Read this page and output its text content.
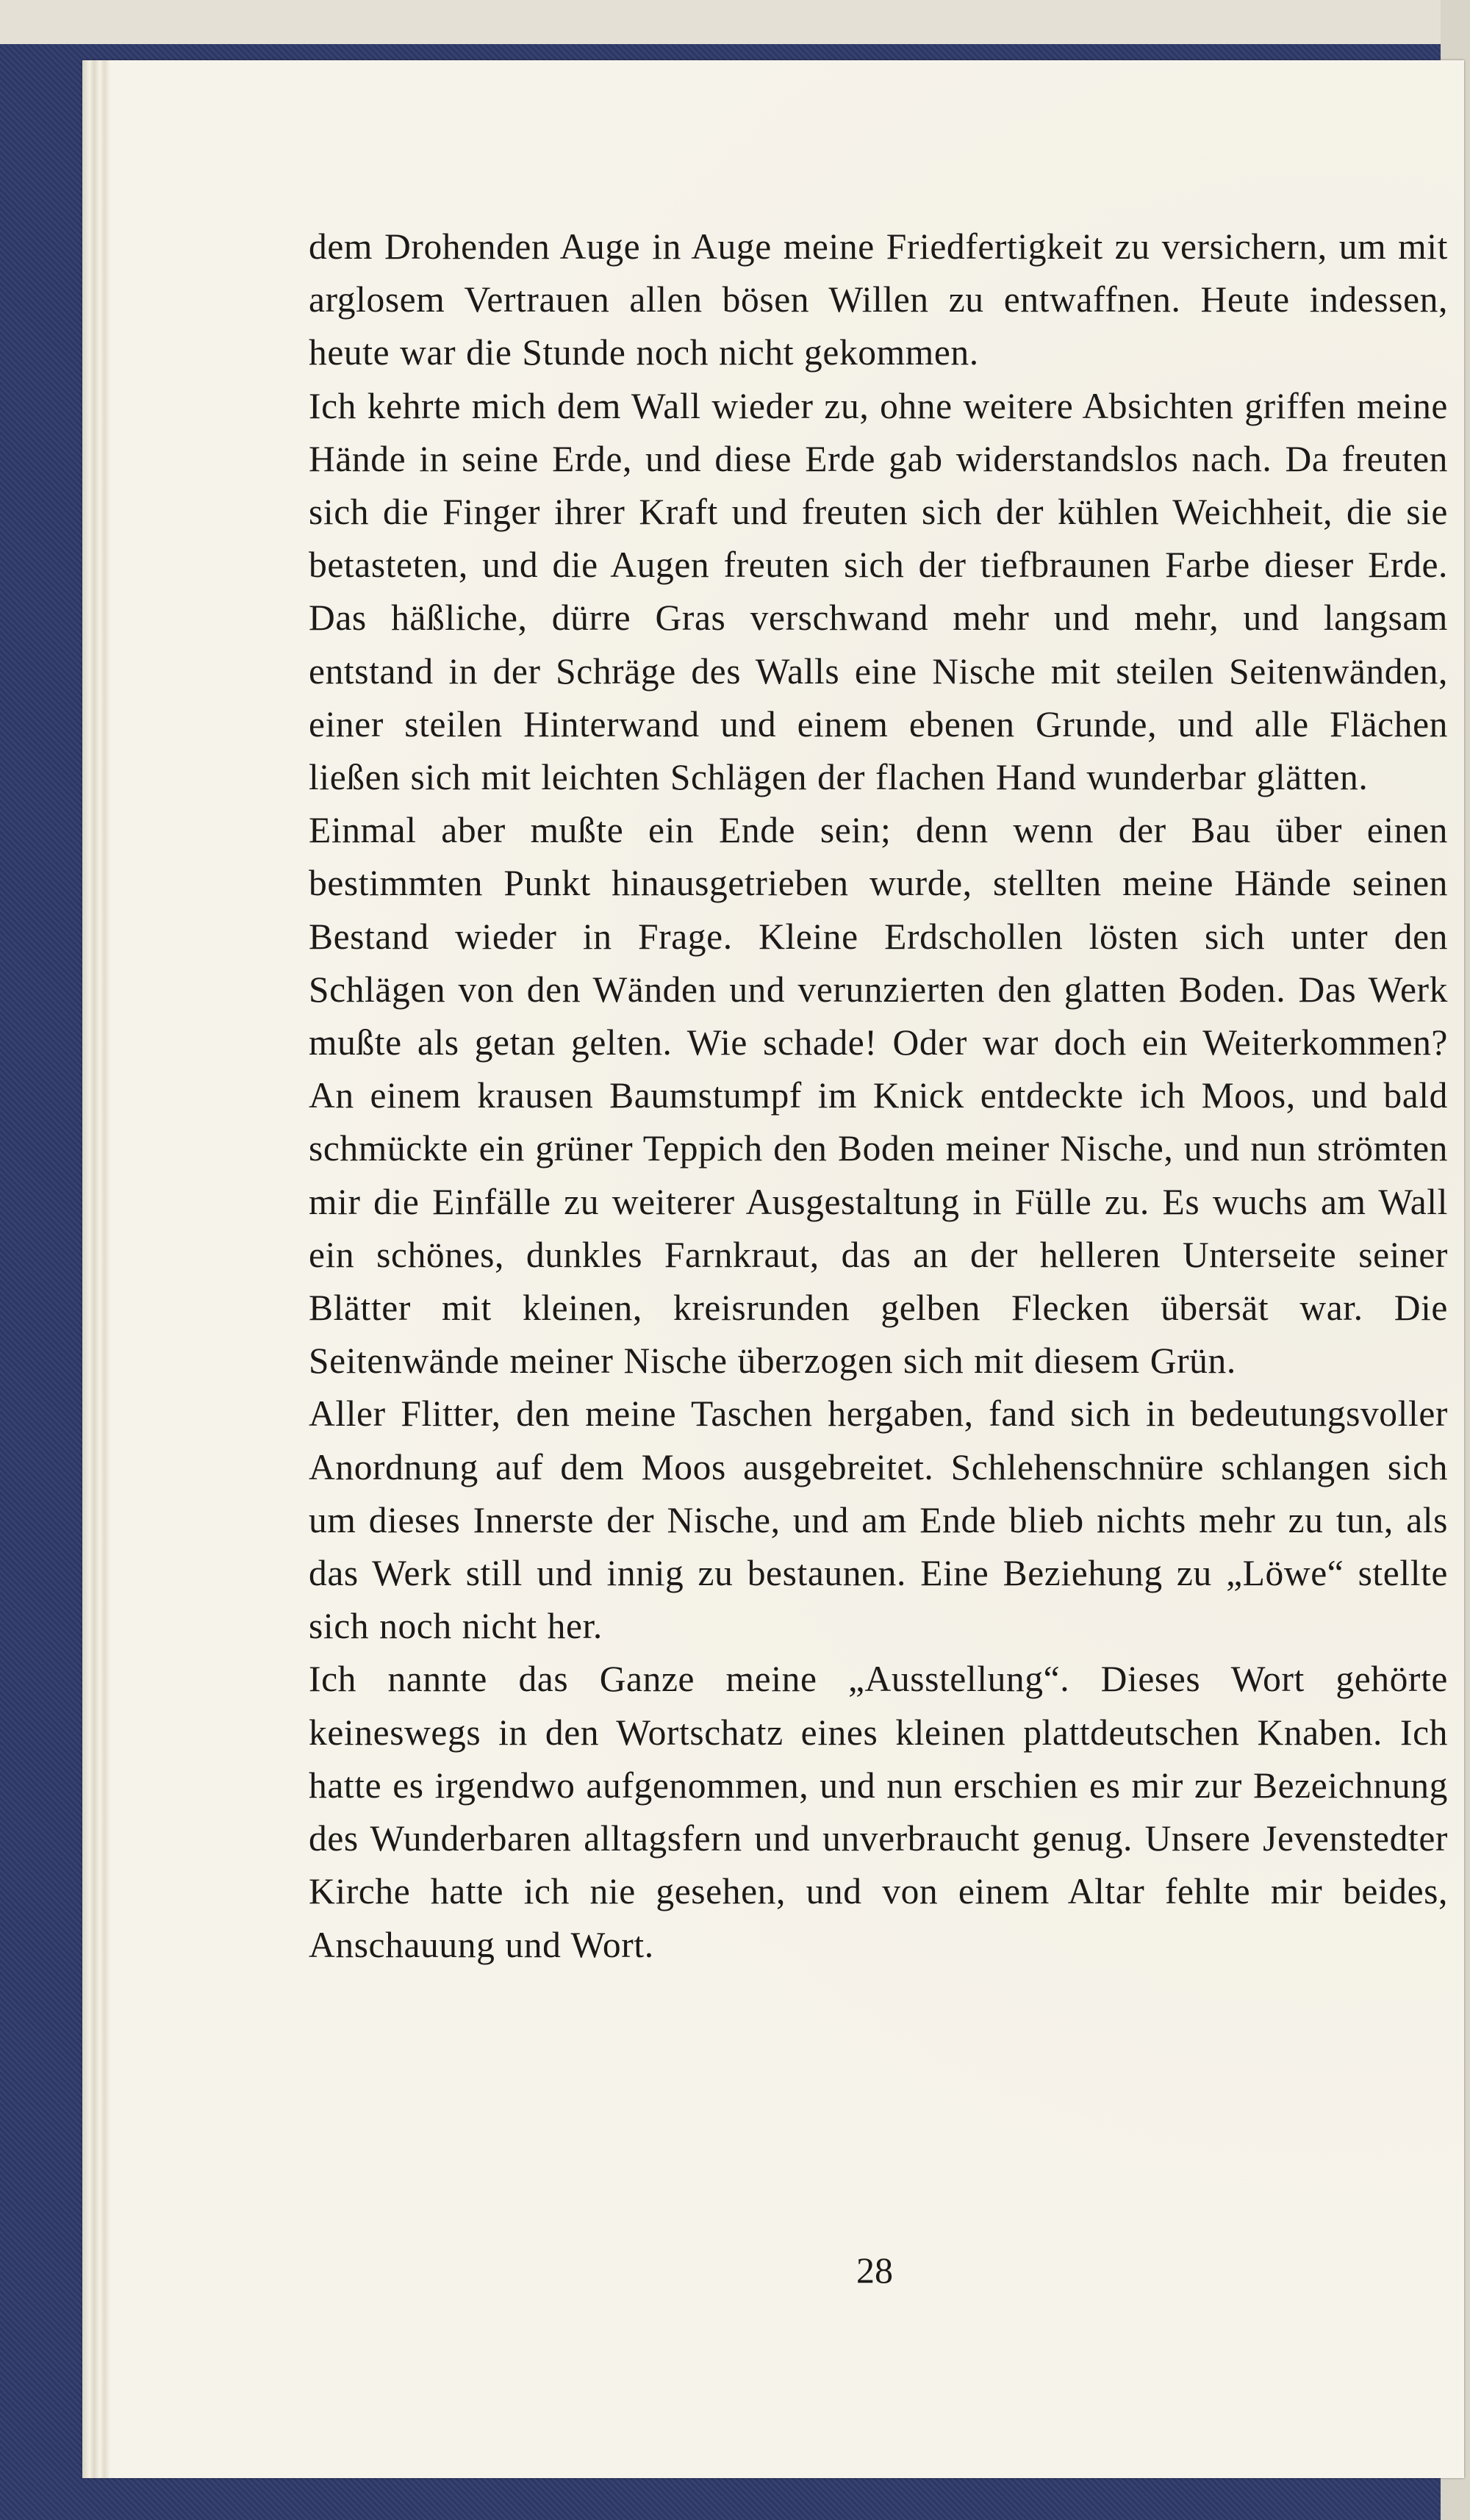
dem Drohenden Auge in Auge meine Friedfertigkeit zu versichern, um mit arglosem Vertrauen allen bösen Willen zu entwaffnen. Heute indessen, heute war die Stunde noch nicht gekommen.

Ich kehrte mich dem Wall wieder zu, ohne weitere Absichten griffen meine Hände in seine Erde, und diese Erde gab widerstandslos nach. Da freuten sich die Finger ihrer Kraft und freuten sich der kühlen Weichheit, die sie betasteten, und die Augen freuten sich der tiefbraunen Farbe dieser Erde. Das häßliche, dürre Gras verschwand mehr und mehr, und langsam entstand in der Schräge des Walls eine Nische mit steilen Seitenwänden, einer steilen Hinterwand und einem ebenen Grunde, und alle Flächen ließen sich mit leichten Schlägen der flachen Hand wunderbar glätten.

Einmal aber mußte ein Ende sein; denn wenn der Bau über einen bestimmten Punkt hinausgetrieben wurde, stellten meine Hände seinen Bestand wieder in Frage. Kleine Erdschollen lösten sich unter den Schlägen von den Wänden und verunzierten den glatten Boden. Das Werk mußte als getan gelten. Wie schade! Oder war doch ein Weiterkommen? An einem krausen Baumstumpf im Knick entdeckte ich Moos, und bald schmückte ein grüner Teppich den Boden meiner Nische, und nun strömten mir die Einfälle zu weiterer Ausgestaltung in Fülle zu. Es wuchs am Wall ein schönes, dunkles Farnkraut, das an der helleren Unterseite seiner Blätter mit kleinen, kreisrunden gelben Flecken übersät war. Die Seitenwände meiner Nische überzogen sich mit diesem Grün.

Aller Flitter, den meine Taschen hergaben, fand sich in bedeutungsvoller Anordnung auf dem Moos ausgebreitet. Schlehenschnüre schlangen sich um dieses Innerste der Nische, und am Ende blieb nichts mehr zu tun, als das Werk still und innig zu bestaunen. Eine Beziehung zu „Löwe“ stellte sich noch nicht her.

Ich nannte das Ganze meine „Ausstellung“. Dieses Wort gehörte keineswegs in den Wortschatz eines kleinen plattdeutschen Knaben. Ich hatte es irgendwo aufgenommen, und nun erschien es mir zur Bezeichnung des Wunderbaren alltagsfern und unverbraucht genug. Unsere Jevenstedter Kirche hatte ich nie gesehen, und von einem Altar fehlte mir beides, Anschauung und Wort.

28
